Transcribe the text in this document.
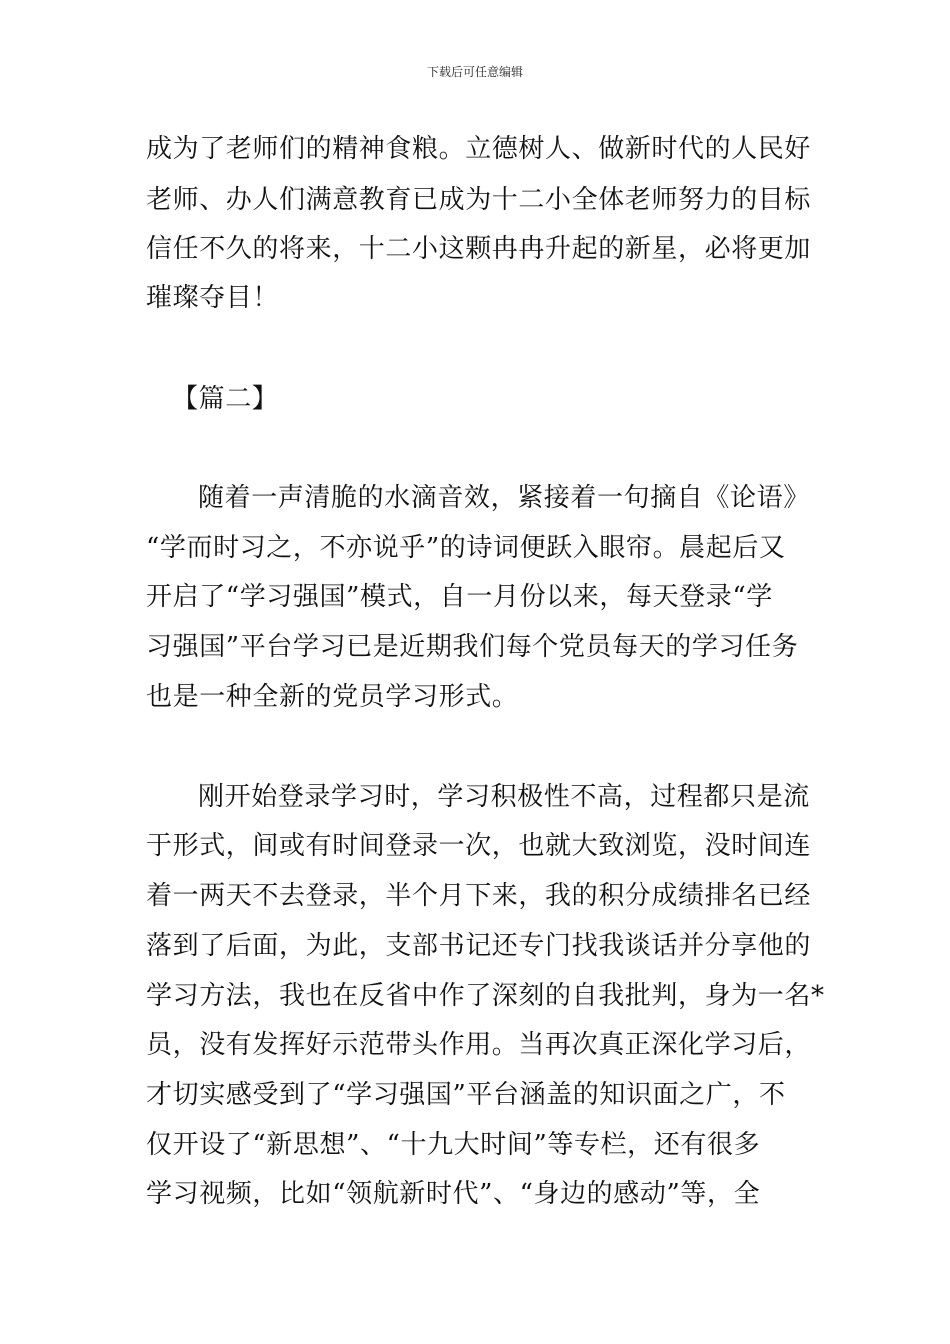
下载后可任意编辑
成为了老师们的精神食粮。立德树人、做新时代的人民好
老师、办人们满意教育已成为十二小全体老师努力的目标
信任不久的将来，十二小这颗冉冉升起的新星，必将更加
璀璨夺目！
【篇二】
随着一声清脆的水滴音效，紧接着一句摘自《论语》
“学而时习之，不亦说乎”的诗词便跃入眼帘。晨起后又
开启了“学习强国”模式，自一月份以来，每天登录“学
习强国”平台学习已是近期我们每个党员每天的学习任务
也是一种全新的党员学习形式。
刚开始登录学习时，学习积极性不高，过程都只是流
于形式，间或有时间登录一次，也就大致浏览，没时间连
着一两天不去登录，半个月下来，我的积分成绩排名已经
落到了后面，为此，支部书记还专门找我谈话并分享他的
学习方法，我也在反省中作了深刻的自我批判，身为一名*
员，没有发挥好示范带头作用。当再次真正深化学习后，
才切实感受到了“学习强国”平台涵盖的知识面之广，不
仅开设了“新思想”、“十九大时间”等专栏，还有很多
学习视频，比如“领航新时代”、“身边的感动”等，全
